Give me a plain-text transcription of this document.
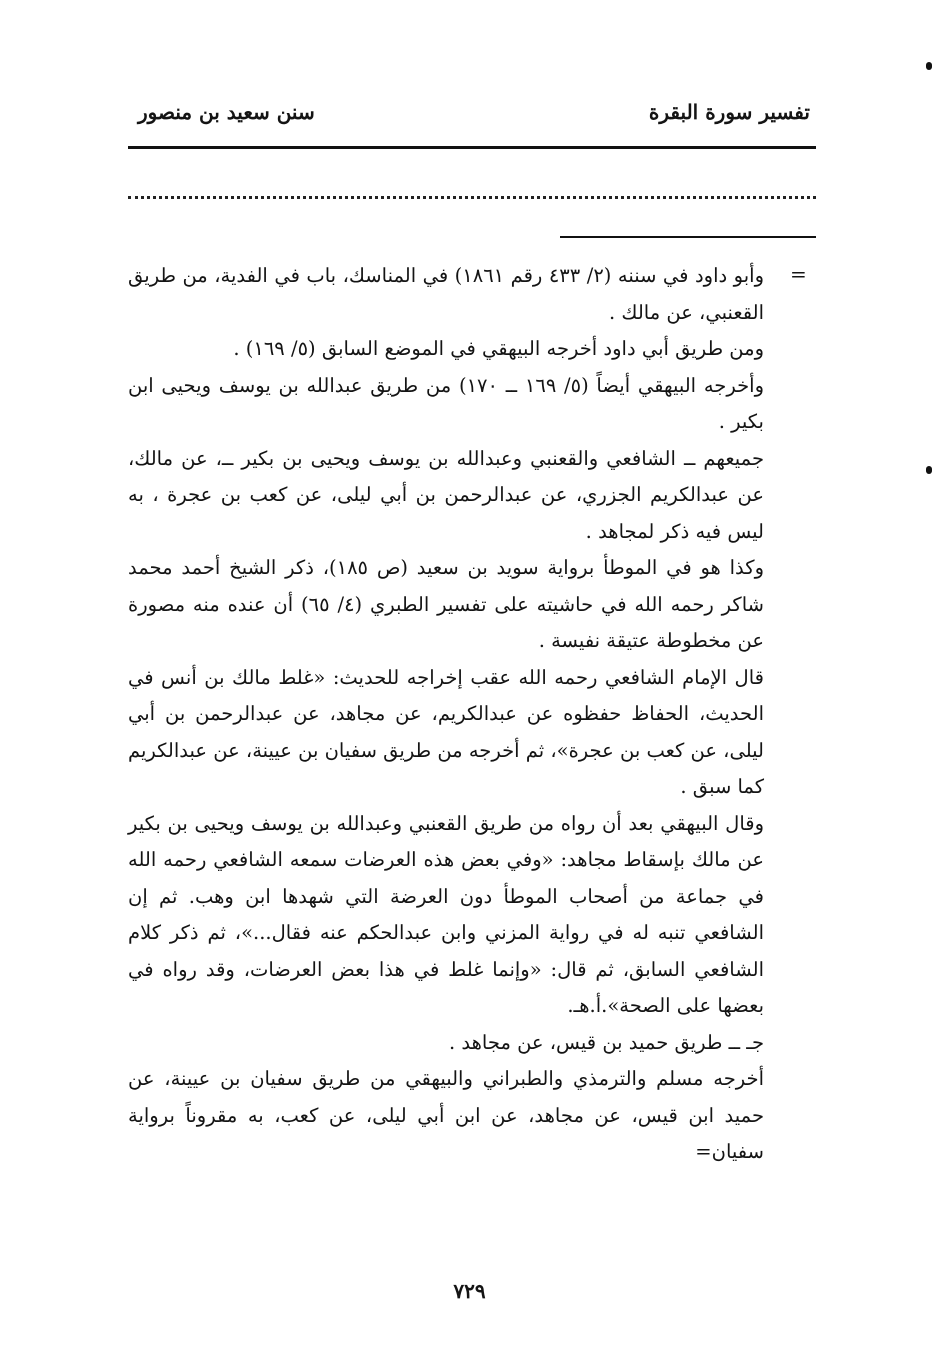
تفسير سورة البقرة
سنن سعيد بن منصور
=

وأبو داود في سننه (٢/ ٤٣٣ رقم ١٨٦١) في المناسك، باب في الفدية، من طريق القعنبي، عن مالك .

ومن طريق أبي داود أخرجه البيهقي في الموضع السابق (٥/ ١٦٩) .

وأخرجه البيهقي أيضاً (٥/ ١٦٩ ــ ١٧٠) من طريق عبدالله بن يوسف ويحيى ابن بكير .

جميعهم ــ الشافعي والقعنبي وعبدالله بن يوسف ويحيى بن بكير ــ، عن مالك، عن عبدالكريم الجزري، عن عبدالرحمن بن أبي ليلى، عن كعب بن عجرة ، به ليس فيه ذكر لمجاهد .

وكذا هو في الموطأ برواية سويد بن سعيد (ص ١٨٥)، ذكر الشيخ أحمد محمد شاكر رحمه الله في حاشيته على تفسير الطبري (٤/ ٦٥) أن عنده منه مصورة عن مخطوطة عتيقة نفيسة .

قال الإمام الشافعي رحمه الله عقب إخراجه للحديث: «غلط مالك بن أنس في الحديث، الحفاظ حفظوه عن عبدالكريم، عن مجاهد، عن عبدالرحمن بن أبي ليلى، عن كعب بن عجرة»، ثم أخرجه من طريق سفيان بن عيينة، عن عبدالكريم كما سبق .

وقال البيهقي بعد أن رواه من طريق القعنبي وعبدالله بن يوسف ويحيى بن بكير عن مالك بإسقاط مجاهد: «وفي بعض هذه العرضات سمعه الشافعي رحمه الله في جماعة من أصحاب الموطأ دون العرضة التي شهدها ابن وهب. ثم إن الشافعي تنبه له في رواية المزني وابن عبدالحكم عنه فقال...»، ثم ذكر كلام الشافعي السابق، ثم قال: «وإنما غلط في هذا بعض العرضات، وقد رواه في بعضها على الصحة».أ.هـ.

جـ ــ طريق حميد بن قيس، عن مجاهد .

أخرجه مسلم والترمذي والطبراني والبيهقي من طريق سفيان بن عيينة، عن حميد ابن قيس، عن مجاهد، عن ابن أبي ليلى، عن كعب، به مقروناً برواية سفيان=

٧٢٩
